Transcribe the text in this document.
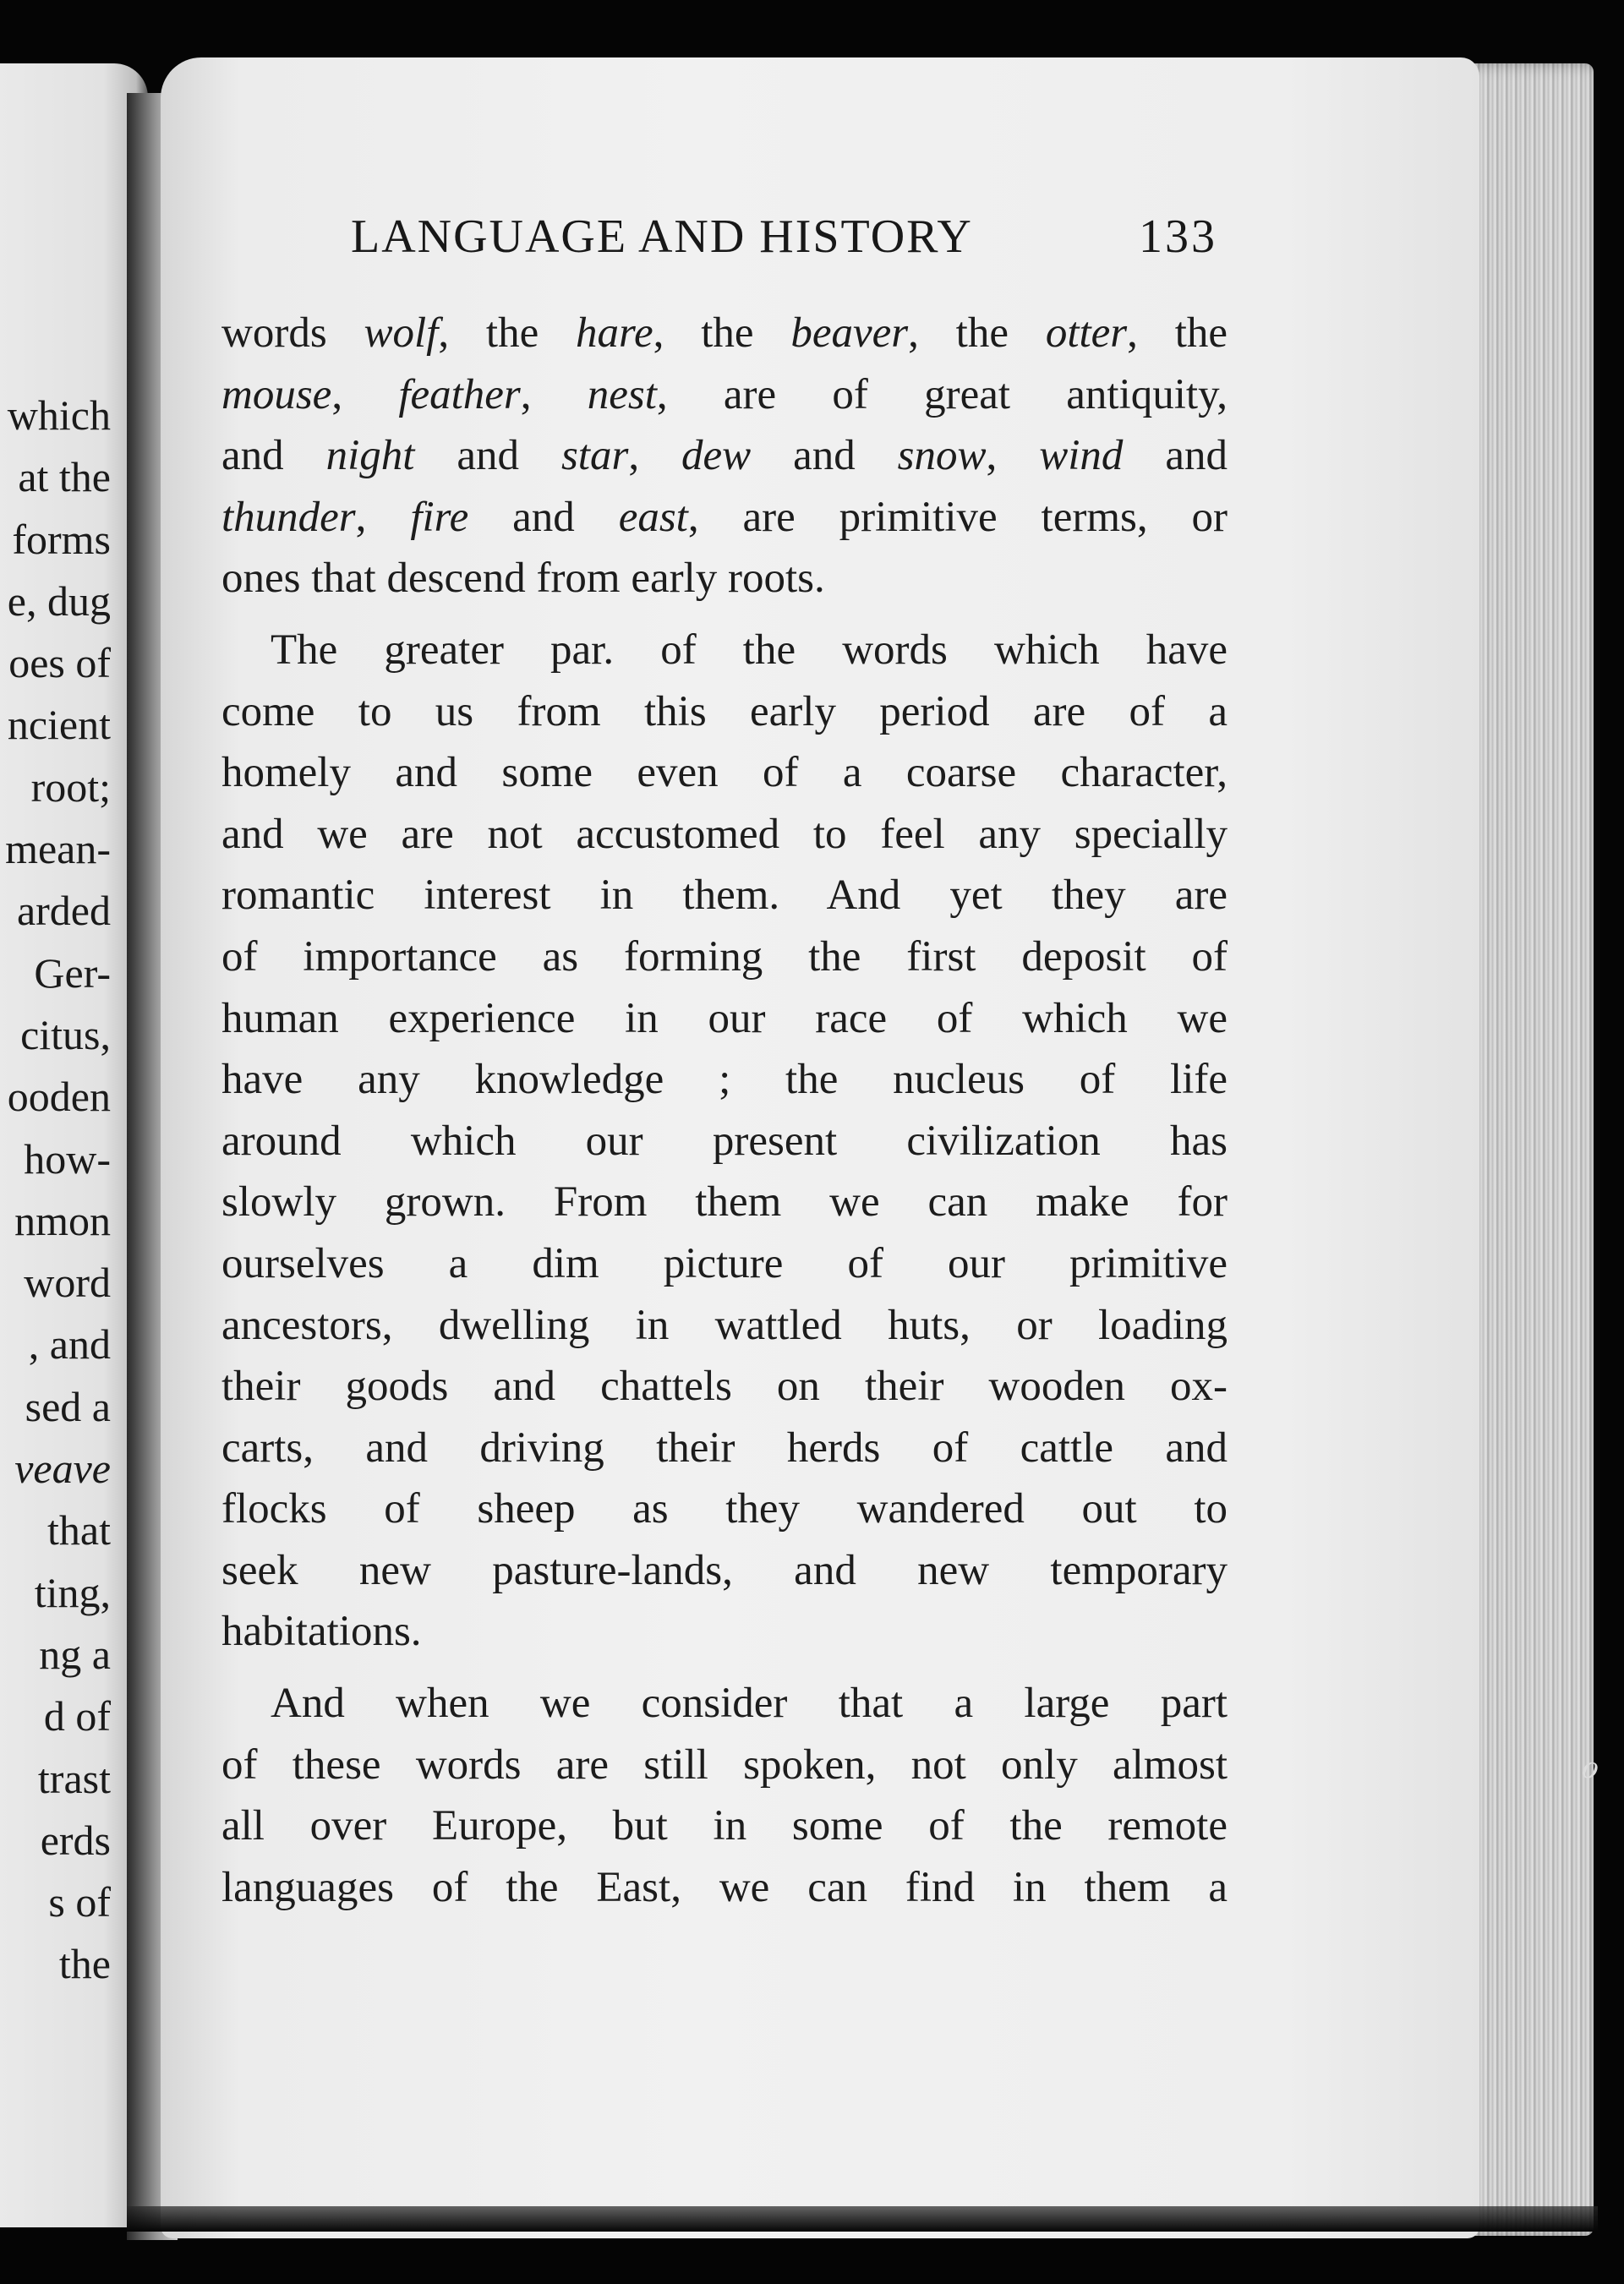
which
at the
forms
e, dug
oes of
ncient
root;
mean-
arded
Ger-
citus,
ooden
how-
nmon
word
, and
sed a
veave
that
ting,
ng a
d of
trast
erds
s of
the
LANGUAGE AND HISTORY	133
words wolf, the hare, the beaver, the otter, the
mouse, feather, nest, are of great antiquity,
and night and star, dew and snow, wind and
thunder, fire and east, are primitive terms, or
ones that descend from early roots.
The greater par. of the words which have
come to us from this early period are of a
homely and some even of a coarse character,
and we are not accustomed to feel any specially
romantic interest in them. And yet they are
of importance as forming the first deposit of
human experience in our race of which we
have any knowledge ; the nucleus of life
around which our present civilization has
slowly grown. From them we can make for
ourselves a dim picture of our primitive
ancestors, dwelling in wattled huts, or loading
their goods and chattels on their wooden ox-
carts, and driving their herds of cattle and
flocks of sheep as they wandered out to
seek new pasture-lands, and new temporary
habitations.
And when we consider that a large part
of these words are still spoken, not only almost
all over Europe, but in some of the remote
languages of the East, we can find in them a
ℴ
